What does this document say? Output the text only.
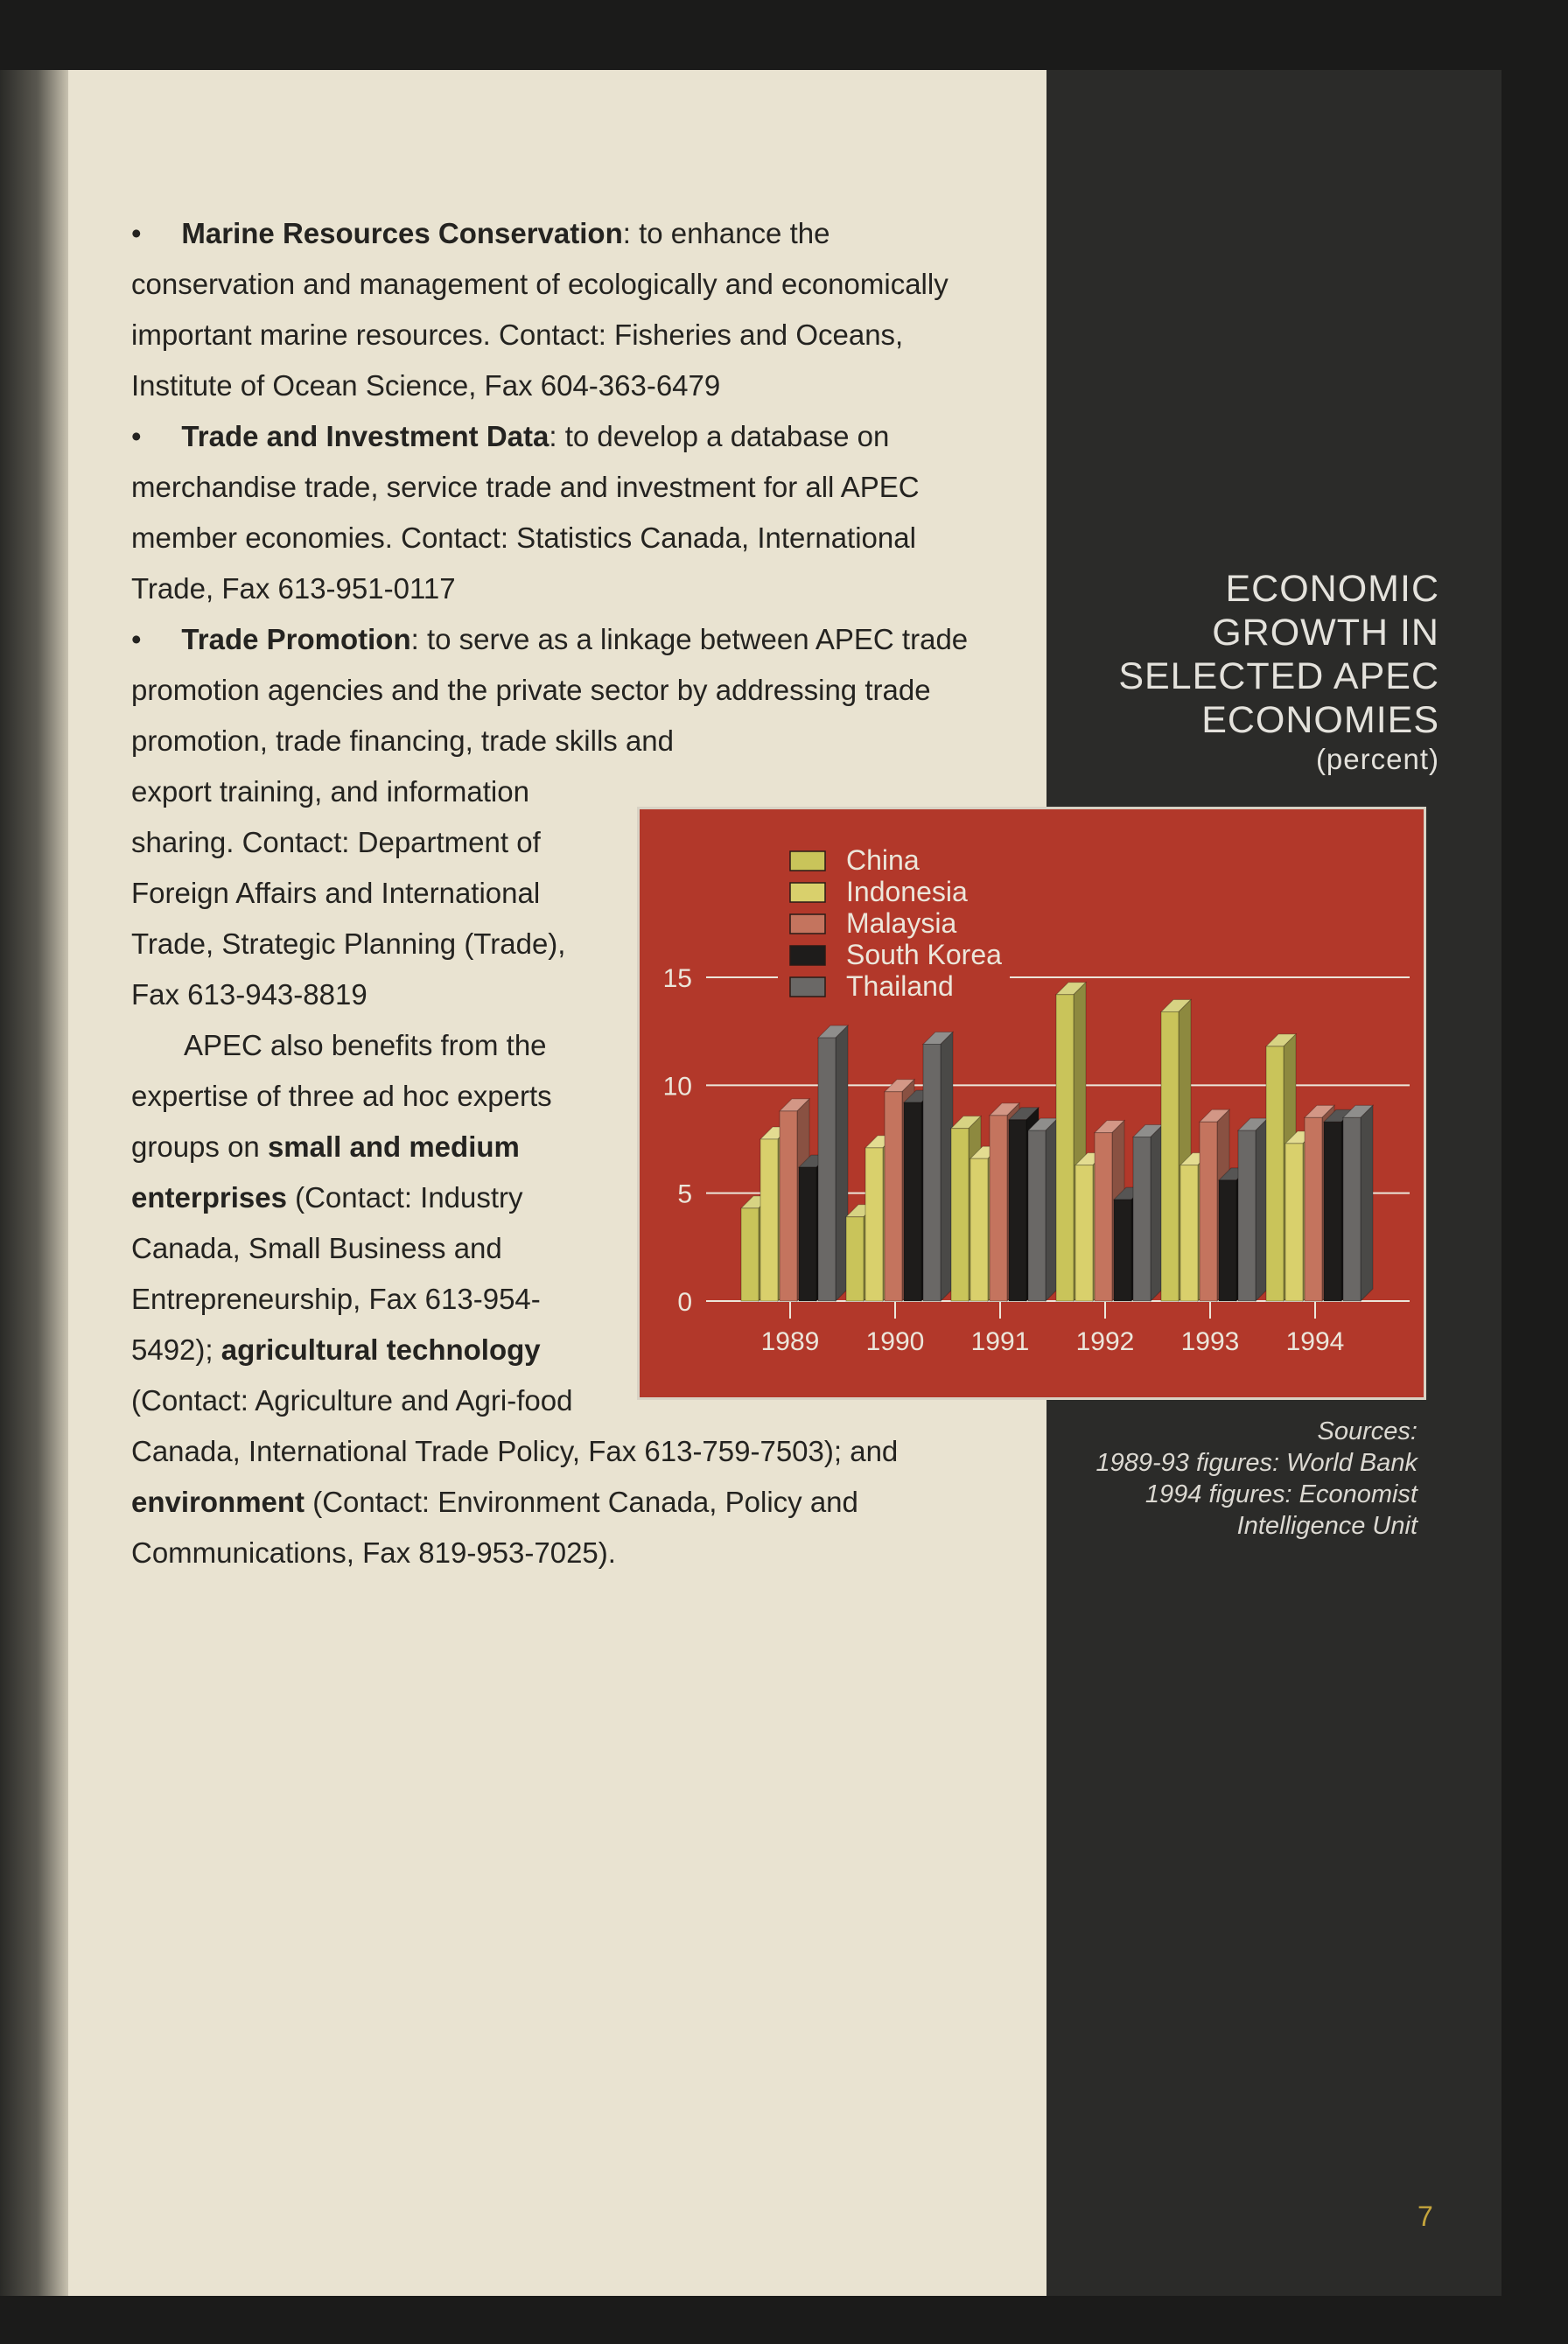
•     Marine Resources Conservation: to enhance the conservation and management of ecologically and economically important marine resources. Contact: Fisheries and Oceans, Institute of Ocean Science, Fax 604-363-6479

•     Trade and Investment Data: to develop a database on merchandise trade, service trade and investment for all APEC member economies. Contact: Statistics Canada, International Trade, Fax 613-951-0117

•     Trade Promotion: to serve as a linkage between APEC trade promotion agencies and the private sector by addressing trade promotion, trade financing, trade skills and

export training, and information sharing. Contact: Department of Foreign Affairs and International Trade, Strategic Planning (Trade), Fax 613-943-8819

APEC also benefits from the expertise of three ad hoc experts groups on small and medium enterprises (Contact: Industry Canada, Small Business and Entrepreneurship, Fax 613-954-5492); agricultural technology (Contact: Agriculture and Agri-food

Canada, International Trade Policy, Fax 613-759-7503); and environment (Contact: Environment Canada, Policy and Communications, Fax 819-953-7025).

ECONOMIC
GROWTH IN
SELECTED APEC
ECONOMIES
(percent)
0
5
10
15
1989 1990 1991 1992 1993 1994
China
Indonesia
Malaysia
South Korea
Thailand
Sources:
1989-93 figures: World Bank
1994 figures: Economist
Intelligence Unit
7
